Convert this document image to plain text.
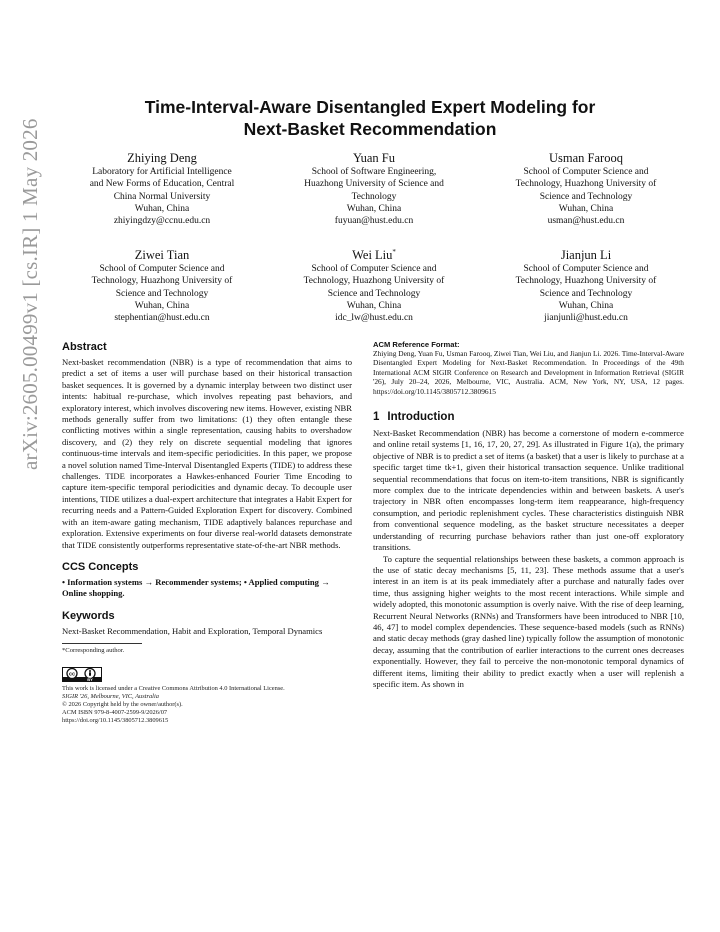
arXiv:2605.00499v1 [cs.IR] 1 May 2026
Time-Interval-Aware Disentangled Expert Modeling for
Next-Basket Recommendation
Zhiying Deng
Laboratory for Artificial Intelligence
and New Forms of Education, Central
China Normal University
Wuhan, China
zhiyingdzy@ccnu.edu.cn
Yuan Fu
School of Software Engineering,
Huazhong University of Science and
Technology
Wuhan, China
fuyuan@hust.edu.cn
Usman Farooq
School of Computer Science and
Technology, Huazhong University of
Science and Technology
Wuhan, China
usman@hust.edu.cn
Ziwei Tian
School of Computer Science and
Technology, Huazhong University of
Science and Technology
Wuhan, China
stephentian@hust.edu.cn
Wei Liu*
School of Computer Science and
Technology, Huazhong University of
Science and Technology
Wuhan, China
idc_lw@hust.edu.cn
Jianjun Li
School of Computer Science and
Technology, Huazhong University of
Science and Technology
Wuhan, China
jianjunli@hust.edu.cn
Abstract
Next-basket recommendation (NBR) is a type of recommendation that aims to predict a set of items a user will purchase based on their historical transaction basket sequences. It is governed by a dynamic interplay between two distinct user intents: habitual re-purchase, which involves repeating past behaviors, and exploratory interest, which involves discovering new items. However, existing NBR methods generally suffer from two limitations: (1) they often entangle these conflicting motives within a single representation, causing habits to overshadow discovery, and (2) they rely on discrete sequential modeling that ignores continuous-time intervals and item-specific periodicities. In this paper, we propose a novel solution named Time-Interval Disentangled Experts (TIDE) to address these challenges. TIDE incorporates a Hawkes-enhanced Fourier Time Encoding to capture item-specific temporal periodicities and dynamic decay. To decouple user intentions, TIDE utilizes a dual-expert architecture that integrates a Habit Expert for recurring needs and a Pattern-Guided Exploration Expert for discovery. Combined with an item-aware gating mechanism, TIDE adaptively balances repurchase and exploration. Extensive experiments on four diverse real-world datasets demonstrate that TIDE consistently outperforms representative state-of-the-art NBR methods.
CCS Concepts
• Information systems → Recommender systems; • Applied computing → Online shopping.
Keywords
Next-Basket Recommendation, Habit and Exploration, Temporal Dynamics
*Corresponding author.
cc
BY
This work is licensed under a Creative Commons Attribution 4.0 International License.
SIGIR '26, Melbourne, VIC, Australia
© 2026 Copyright held by the owner/author(s).
ACM ISBN 979-8-4007-2599-9/2026/07
https://doi.org/10.1145/3805712.3809615
ACM Reference Format:
Zhiying Deng, Yuan Fu, Usman Farooq, Ziwei Tian, Wei Liu, and Jianjun Li. 2026. Time-Interval-Aware Disentangled Expert Modeling for Next-Basket Recommendation. In Proceedings of the 49th International ACM SIGIR Conference on Research and Development in Information Retrieval (SIGIR '26), July 20–24, 2026, Melbourne, VIC, Australia. ACM, New York, NY, USA, 12 pages. https://doi.org/10.1145/3805712.3809615
1 Introduction
Next-Basket Recommendation (NBR) has become a cornerstone of modern e-commerce and online retail systems [1, 16, 17, 20, 27, 29]. As illustrated in Figure 1(a), the primary objective of NBR is to predict a set of items (a basket) that a user is likely to purchase at a specific target time tk+1, given their historical transaction sequence. Unlike traditional sequential recommendations that focus on item-to-item transitions, NBR is significantly more complex due to the intricate dependencies within and between baskets. A user's trajectory in NBR often encompasses long-term item reappearance, high-frequency consumption, and periodic replenishment cycles. These characteristics distinguish NBR from conventional sequence modeling, as the basket structure necessitates a deeper understanding of recurring purchase behaviors rather than just one-off exploratory transitions.
To capture the sequential relationships between these baskets, a common approach is the use of static decay mechanisms [5, 11, 23]. These methods assume that a user's interest in an item is at its peak immediately after a purchase and naturally fades over time, thus assigning higher weights to the most recent interactions. While simple and widely adopted, this monotonic assumption is overly naive. With the rise of deep learning, Recurrent Neural Networks (RNNs) and Transformers have been introduced to NBR [10, 46, 47] to model complex dependencies. These sequence-based models (such as RNNs) and static decay methods (gray dashed line) typically follow the assumption of monotonic decay, assuming that the contribution of earlier interactions to the current ones decreases exponentially. However, they fail to perceive the non-monotonic temporal dynamics of different items, limiting their ability to predict exactly when a user will replenish a specific item. As shown in
